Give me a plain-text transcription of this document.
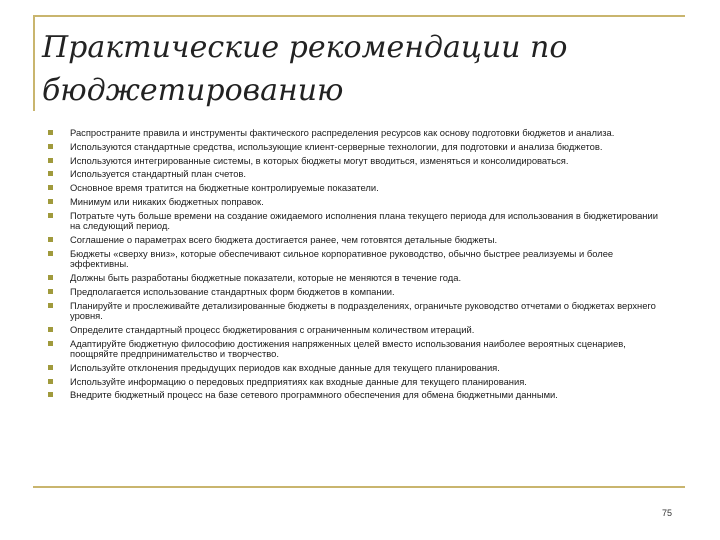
Практические рекомендации по бюджетированию
Распространите правила и инструменты фактического распределения ресурсов как основу подготовки бюджетов и анализа.
Используются стандартные средства, использующие клиент-серверные технологии, для подготовки и анализа бюджетов.
Используются интегрированные системы, в которых бюджеты могут вводиться, изменяться и консолидироваться.
Используется стандартный план счетов.
Основное время тратится на бюджетные контролируемые показатели.
Минимум или никаких бюджетных поправок.
Потратьте чуть больше времени на создание ожидаемого исполнения плана текущего периода для использования в бюджетировании на следующий период.
Соглашение о параметрах всего бюджета достигается ранее, чем готовятся детальные бюджеты.
Бюджеты «сверху вниз», которые обеспечивают сильное корпоративное руководство, обычно быстрее реализуемы и более эффективны.
Должны быть разработаны бюджетные показатели, которые не меняются в течение года.
Предполагается использование стандартных форм бюджетов в компании.
Планируйте и прослеживайте детализированные бюджеты в подразделениях, ограничьте руководство отчетами о бюджетах верхнего уровня.
Определите стандартный процесс бюджетирования с ограниченным количеством итераций.
Адаптируйте бюджетную философию достижения напряженных целей вместо использования наиболее вероятных сценариев, поощряйте предпринимательство и творчество.
Используйте отклонения предыдущих периодов как входные данные для текущего планирования.
Используйте информацию о передовых предприятиях как входные данные для текущего планирования.
Внедрите бюджетный процесс на базе сетевого программного обеспечения для обмена бюджетными данными.
75
